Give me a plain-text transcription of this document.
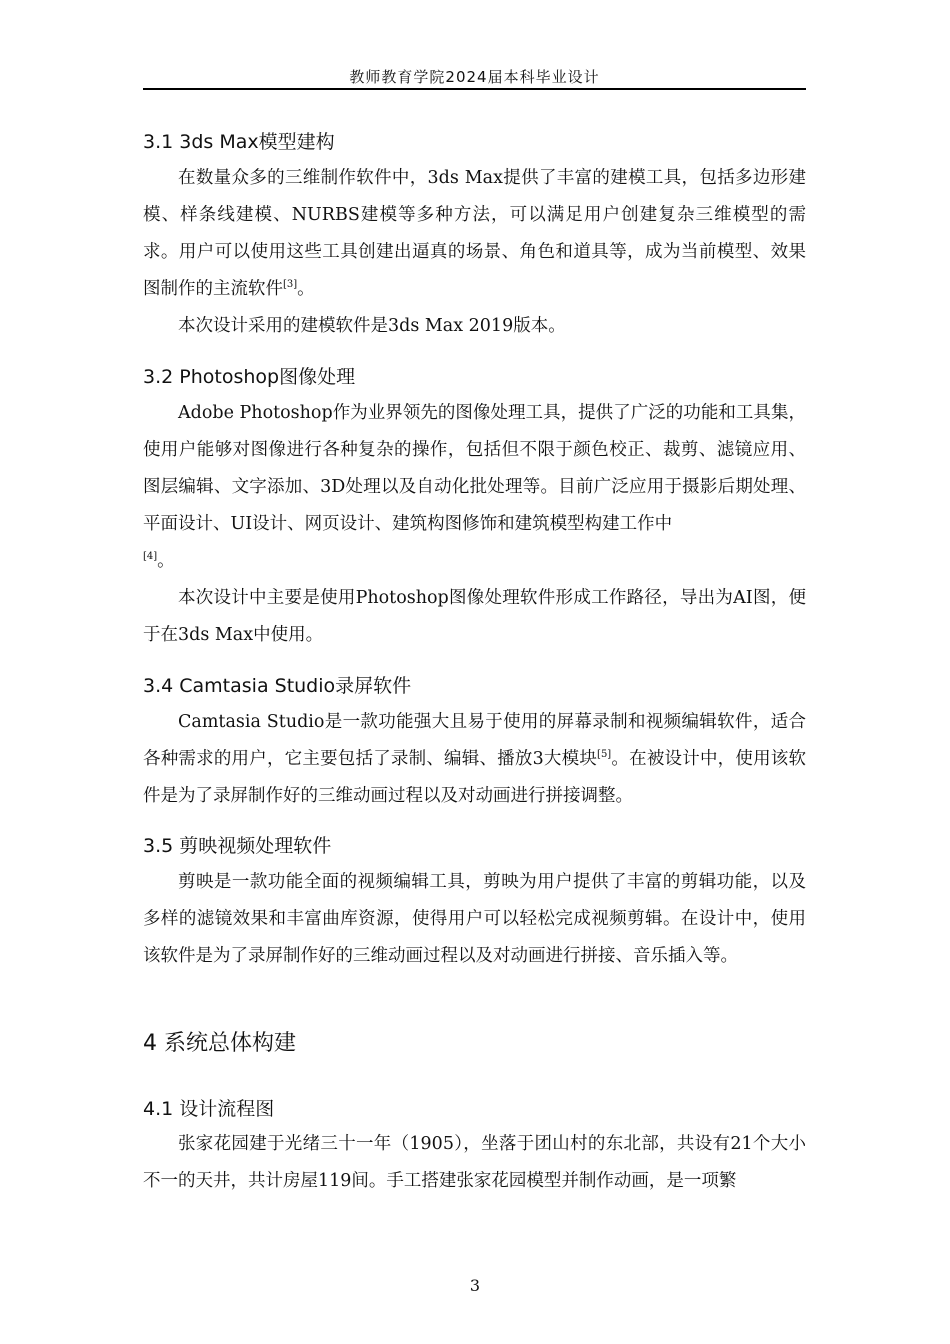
教师教育学院2024届本科毕业设计
3.1 3ds Max模型建构
在数量众多的三维制作软件中，3ds Max提供了丰富的建模工具，包括多边形建模、样条线建模、NURBS建模等多种方法，可以满足用户创建复杂三维模型的需求。用户可以使用这些工具创建出逼真的场景、角色和道具等，成为当前模型、效果图制作的主流软件[3]。
本次设计采用的建模软件是3ds Max 2019版本。
3.2 Photoshop图像处理
Adobe Photoshop作为业界领先的图像处理工具，提供了广泛的功能和工具集，使用户能够对图像进行各种复杂的操作，包括但不限于颜色校正、裁剪、滤镜应用、图层编辑、文字添加、3D处理以及自动化批处理等。目前广泛应用于摄影后期处理、平面设计、UI设计、网页设计、建筑构图修饰和建筑模型构建工作中
[4]。
本次设计中主要是使用Photoshop图像处理软件形成工作路径，导出为AI图，便于在3ds Max中使用。
3.4 Camtasia Studio录屏软件
Camtasia Studio是一款功能强大且易于使用的屏幕录制和视频编辑软件，适合各种需求的用户，它主要包括了录制、编辑、播放3大模块[5]。在被设计中，使用该软件是为了录屏制作好的三维动画过程以及对动画进行拼接调整。
3.5 剪映视频处理软件
剪映是一款功能全面的视频编辑工具，剪映为用户提供了丰富的剪辑功能，以及多样的滤镜效果和丰富曲库资源，使得用户可以轻松完成视频剪辑。在设计中，使用该软件是为了录屏制作好的三维动画过程以及对动画进行拼接、音乐插入等。
4 系统总体构建
4.1 设计流程图
张家花园建于光绪三十一年（1905），坐落于团山村的东北部，共设有21个大小不一的天井，共计房屋119间。手工搭建张家花园模型并制作动画，是一项繁
3
